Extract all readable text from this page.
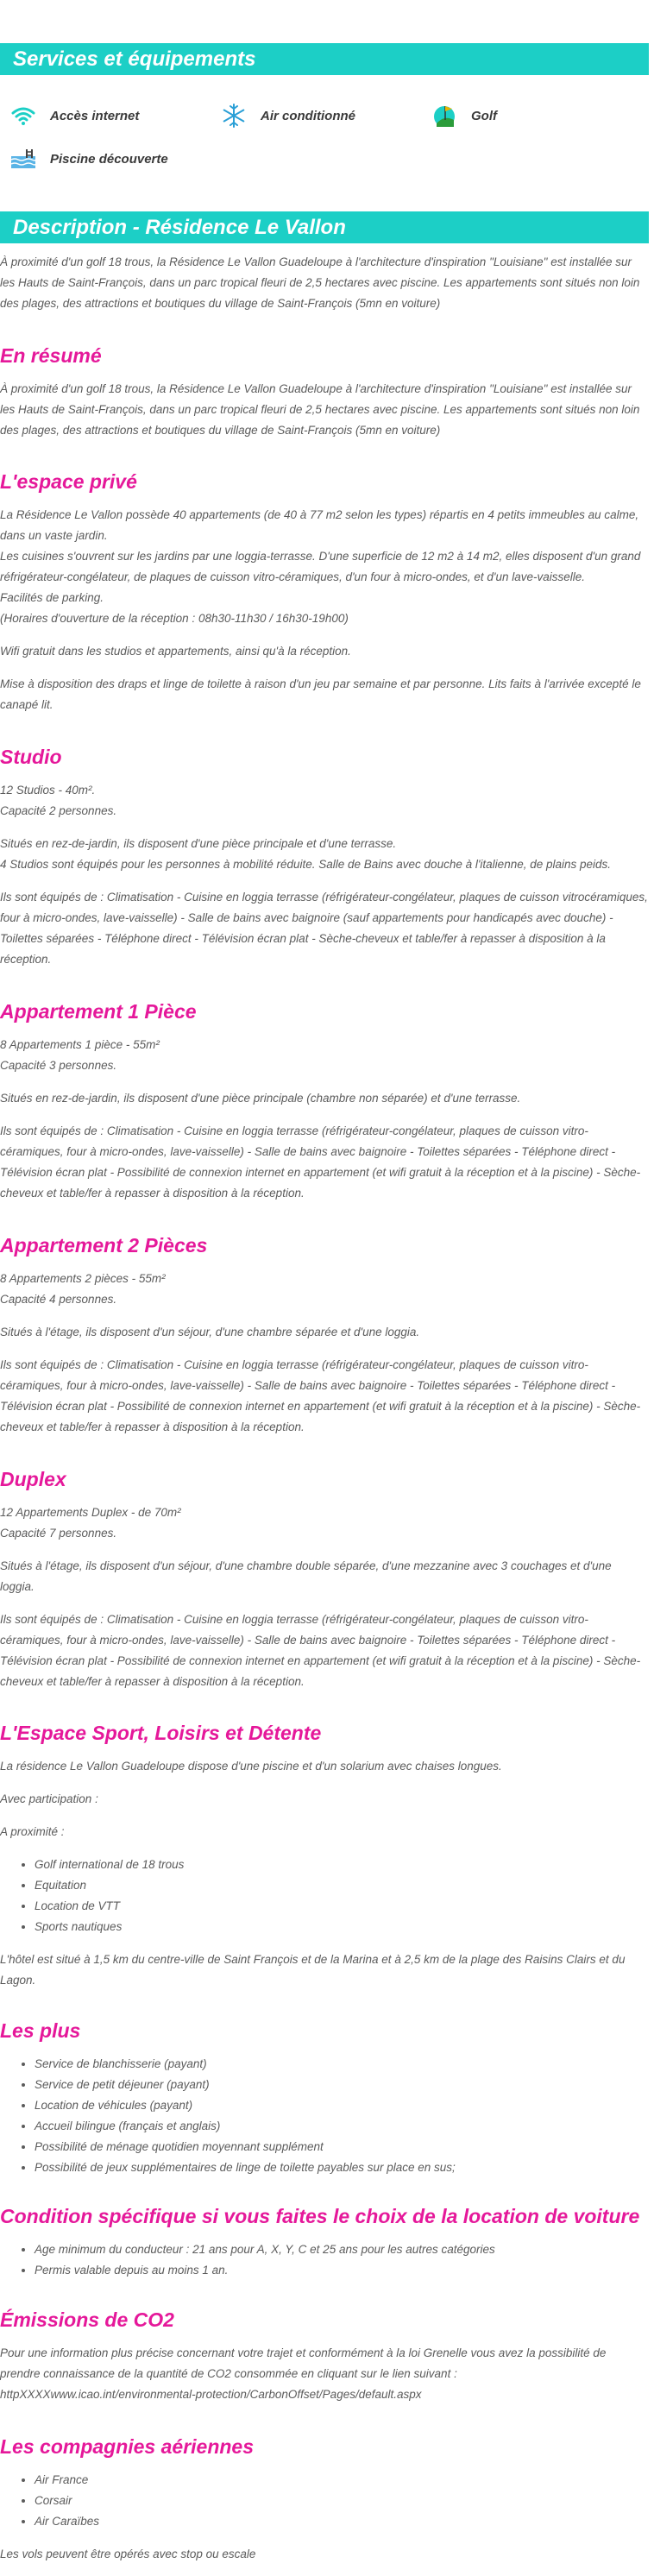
Services et équipements
Accès internet	Air conditionné	Golf
Piscine découverte
Description - Résidence Le Vallon

À proximité d'un golf 18 trous, la Résidence Le Vallon Guadeloupe à l'architecture d'inspiration "Louisiane" est installée sur les Hauts de Saint-François, dans un parc tropical fleuri de 2,5 hectares avec piscine. Les appartements sont situés non loin des plages, des attractions et boutiques du village de Saint-François (5mn en voiture)

En résumé

À proximité d'un golf 18 trous, la Résidence Le Vallon Guadeloupe à l'architecture d'inspiration "Louisiane" est installée sur les Hauts de Saint-François, dans un parc tropical fleuri de 2,5 hectares avec piscine. Les appartements sont situés non loin des plages, des attractions et boutiques du village de Saint-François (5mn en voiture)

L'espace privé

La Résidence Le Vallon possède 40 appartements (de 40 à 77 m2 selon les types) répartis en 4 petits immeubles au calme, dans un vaste jardin.

Les cuisines s'ouvrent sur les jardins par une loggia-terrasse. D'une superficie de 12 m2 à 14 m2, elles disposent d'un grand réfrigérateur-congélateur, de plaques de cuisson vitro-céramiques, d'un four à micro-ondes, et d'un lave-vaisselle.

Facilités de parking.

(Horaires d'ouverture de la réception : 08h30-11h30 / 16h30-19h00)

Wifi gratuit dans les studios et appartements, ainsi qu'à la réception.

Mise à disposition des draps et linge de toilette à raison d'un jeu par semaine et par personne. Lits faits à l'arrivée excepté le canapé lit.

Studio

12 Studios - 40m².

Capacité 2 personnes.

Situés en rez-de-jardin, ils disposent d'une pièce principale et d'une terrasse.

4 Studios sont équipés pour les personnes à mobilité réduite. Salle de Bains avec douche à l'italienne, de plains peids.

Ils sont équipés de : Climatisation - Cuisine en loggia terrasse (réfrigérateur-congélateur, plaques de cuisson vitrocéramiques, four à micro-ondes, lave-vaisselle) - Salle de bains avec baignoire (sauf appartements pour handicapés avec douche) - Toilettes séparées - Téléphone direct - Télévision écran plat - Sèche-cheveux et table/fer à repasser à disposition à la réception.

Appartement 1 Pièce

8 Appartements 1 pièce - 55m²

Capacité 3 personnes.

Situés en rez-de-jardin, ils disposent d'une pièce principale (chambre non séparée) et d'une terrasse.

Ils sont équipés de : Climatisation - Cuisine en loggia terrasse (réfrigérateur-congélateur, plaques de cuisson vitro-céramiques, four à micro-ondes, lave-vaisselle) - Salle de bains avec baignoire - Toilettes séparées - Téléphone direct - Télévision écran plat - Possibilité de connexion internet en appartement (et wifi gratuit à la réception et à la piscine) - Sèche-cheveux et table/fer à repasser à disposition à la réception.

Appartement 2 Pièces

8 Appartements 2 pièces - 55m²

Capacité 4 personnes.

Situés à l'étage, ils disposent d'un séjour, d'une chambre séparée et d'une loggia.

Ils sont équipés de : Climatisation - Cuisine en loggia terrasse (réfrigérateur-congélateur, plaques de cuisson vitro-céramiques, four à micro-ondes, lave-vaisselle) - Salle de bains avec baignoire - Toilettes séparées - Téléphone direct - Télévision écran plat - Possibilité de connexion internet en appartement (et wifi gratuit à la réception et à la piscine) - Sèche-cheveux et table/fer à repasser à disposition à la réception.

Duplex

12 Appartements Duplex - de 70m²

Capacité 7 personnes.

Situés à l'étage, ils disposent d'un séjour, d'une chambre double séparée, d'une mezzanine avec 3 couchages et d'une loggia.

Ils sont équipés de : Climatisation - Cuisine en loggia terrasse (réfrigérateur-congélateur, plaques de cuisson vitro-céramiques, four à micro-ondes, lave-vaisselle) - Salle de bains avec baignoire - Toilettes séparées - Téléphone direct - Télévision écran plat - Possibilité de connexion internet en appartement (et wifi gratuit à la réception et à la piscine) - Sèche-cheveux et table/fer à repasser à disposition à la réception.

L'Espace Sport, Loisirs et Détente

La résidence Le Vallon Guadeloupe dispose d'une piscine et d'un solarium avec chaises longues.

Avec participation :

A proximité :

• Golf international de 18 trous
• Equitation
• Location de VTT
• Sports nautiques

L'hôtel est situé à 1,5 km du centre-ville de Saint François et de la Marina et à 2,5 km de la plage des Raisins Clairs et du Lagon.

Les plus
• Service de blanchisserie (payant)
• Service de petit déjeuner (payant)
• Location de véhicules (payant)
• Accueil bilingue (français et anglais)
• Possibilité de ménage quotidien moyennant supplément
• Possibilité de jeux supplémentaires de linge de toilette payables sur place en sus;
Condition spécifique si vous faites le choix de la location de voiture
• Age minimum du conducteur : 21 ans pour A, X, Y, C et 25 ans pour les autres catégories
• Permis valable depuis au moins 1 an.
Émissions de CO2

Pour une information plus précise concernant votre trajet et conformément à la loi Grenelle vous avez la possibilité de prendre connaissance de la quantité de CO2 consommée en cliquant sur le lien suivant : httpXXXXwww.icao.int/environmental-protection/CarbonOffset/Pages/default.aspx

Les compagnies aériennes
• Air France
• Corsair
• Air Caraïbes

Les vols peuvent être opérés avec stop ou escale
